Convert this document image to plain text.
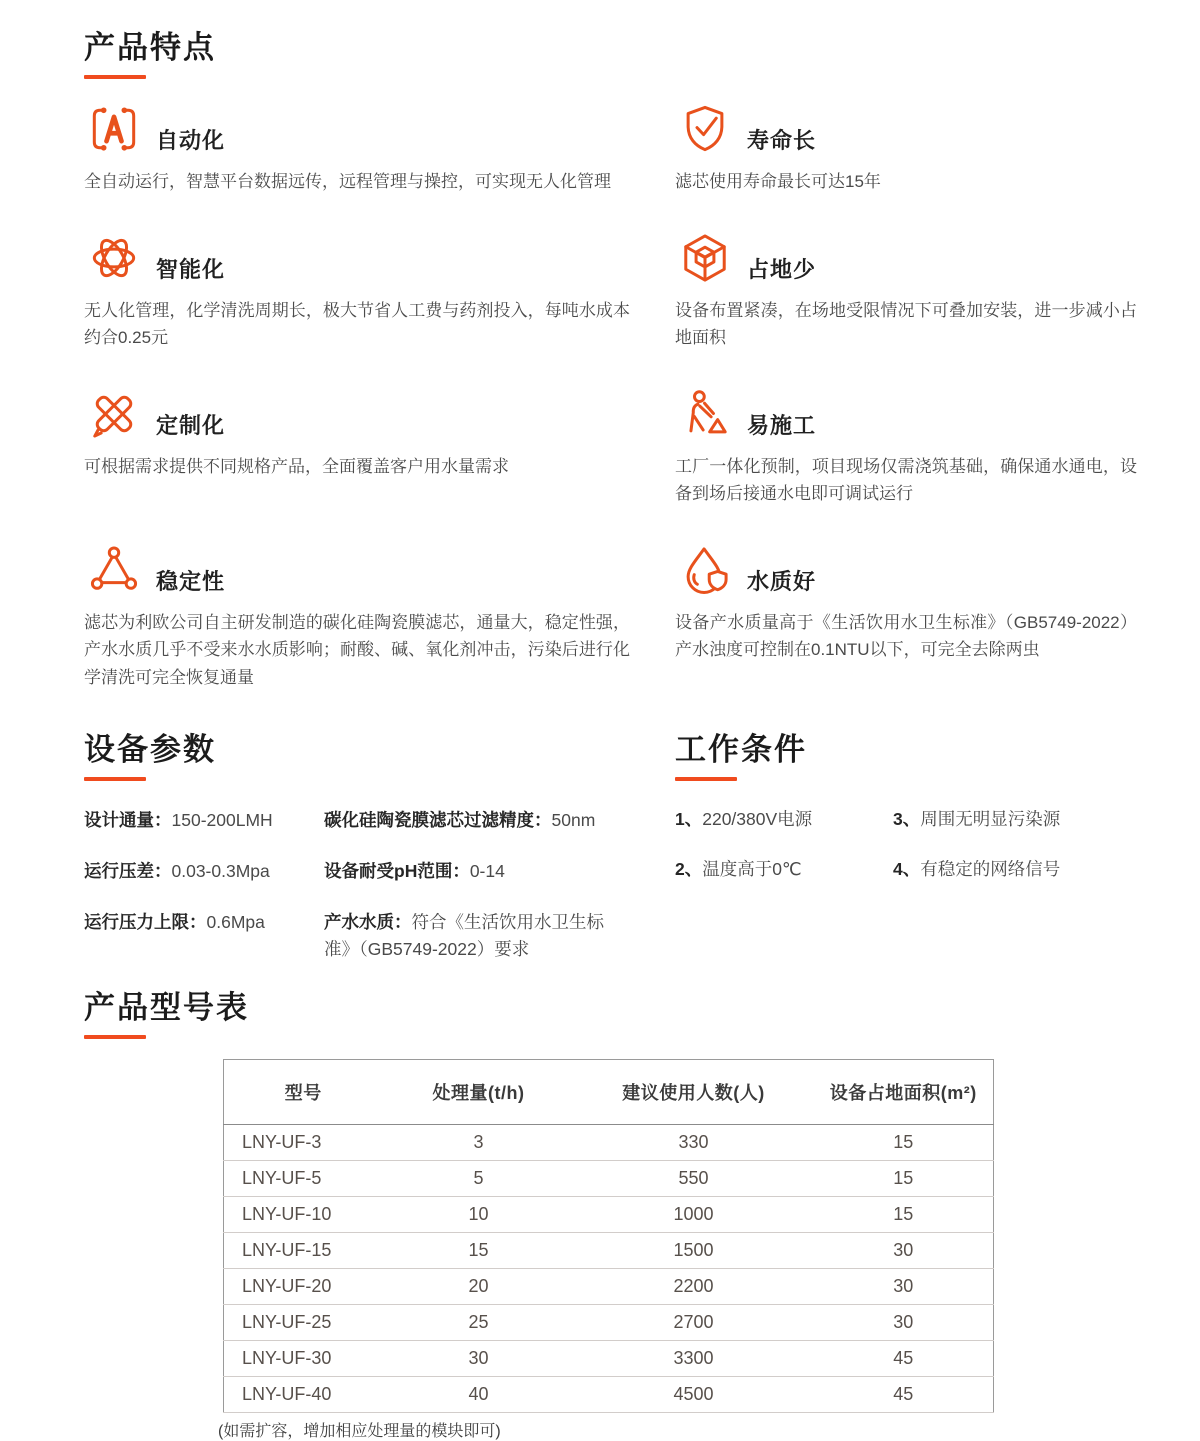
产品特点
自动化
全自动运行，智慧平台数据远传，远程管理与操控，可实现无人化管理
寿命长
滤芯使用寿命最长可达15年
智能化
无人化管理，化学清洗周期长，极大节省人工费与药剂投入，每吨水成本约合0.25元
占地少
设备布置紧凑，在场地受限情况下可叠加安装，进一步减小占地面积
定制化
可根据需求提供不同规格产品，全面覆盖客户用水量需求
易施工
工厂一体化预制，项目现场仅需浇筑基础，确保通水通电，设备到场后接通水电即可调试运行
稳定性
滤芯为利欧公司自主研发制造的碳化硅陶瓷膜滤芯，通量大，稳定性强，产水水质几乎不受来水水质影响；耐酸、碱、氧化剂冲击，污染后进行化学清洗可完全恢复通量
水质好
设备产水质量高于《生活饮用水卫生标准》（GB5749-2022）产水浊度可控制在0.1NTU以下，可完全去除两虫
设备参数
设计通量：150-200LMH	碳化硅陶瓷膜滤芯过滤精度：50nm
运行压差：0.03-0.3Mpa	设备耐受pH范围：0-14
运行压力上限：0.6Mpa	产水水质：符合《生活饮用水卫生标准》（GB5749-2022）要求
工作条件
1、220/380V电源	3、周围无明显污染源
2、温度高于0℃	4、有稳定的网络信号
产品型号表
型号	处理量(t/h)	建议使用人数(人)	设备占地面积(m²)
LNY-UF-3	3	330	15
LNY-UF-5	5	550	15
LNY-UF-10	10	1000	15
LNY-UF-15	15	1500	30
LNY-UF-20	20	2200	30
LNY-UF-25	25	2700	30
LNY-UF-30	30	3300	45
LNY-UF-40	40	4500	45
(如需扩容，增加相应处理量的模块即可)
